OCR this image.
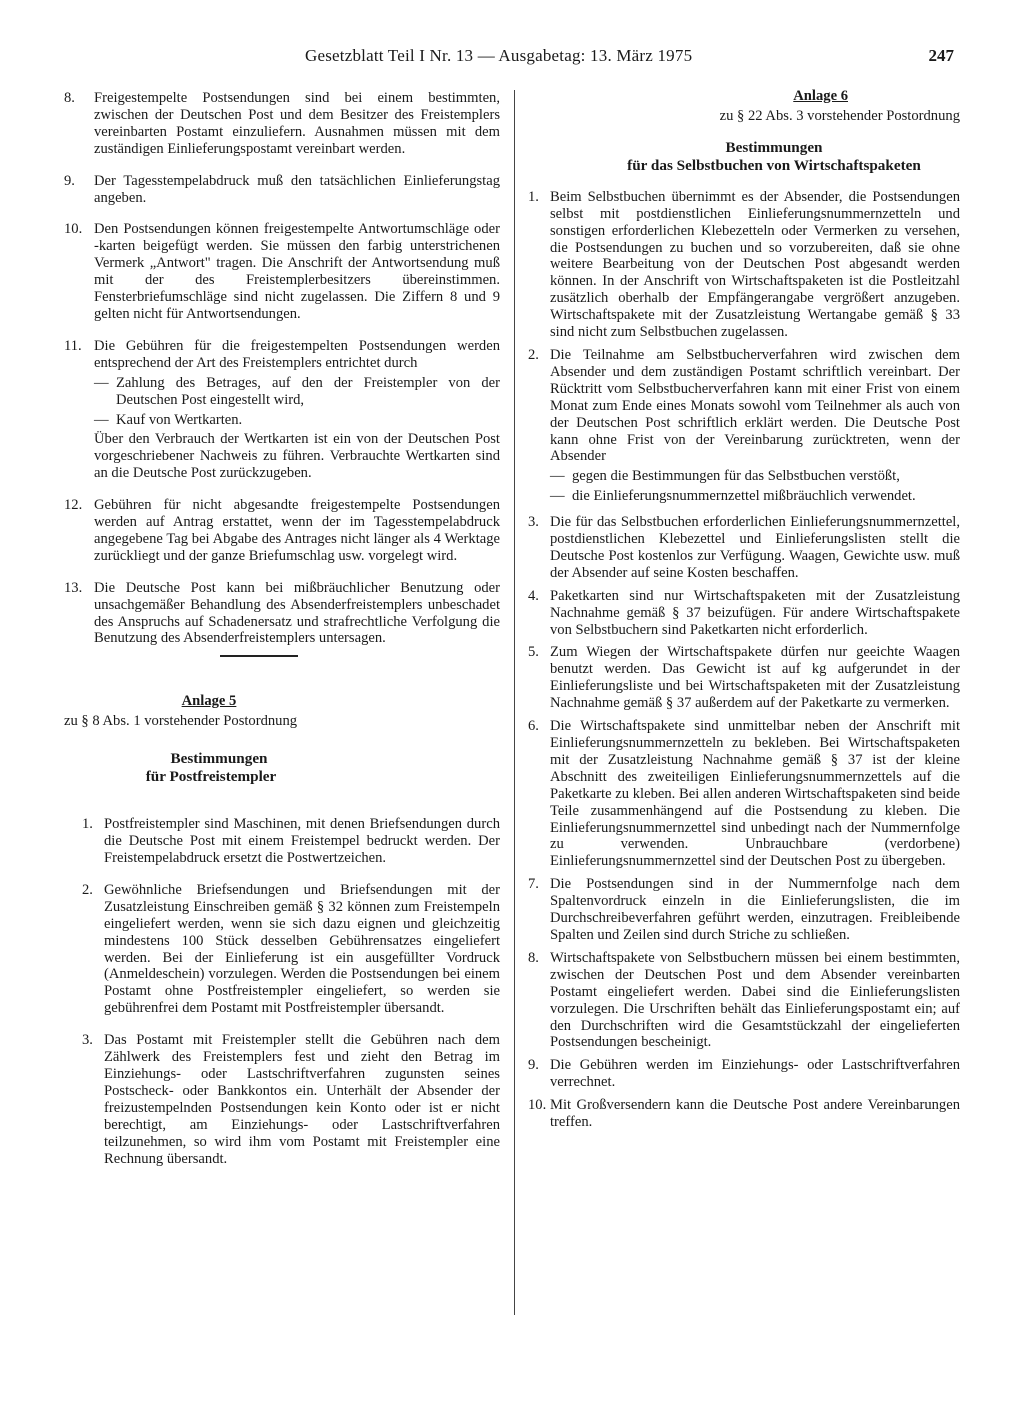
Gesetzblatt Teil I Nr. 13 — Ausgabetag: 13. März 1975	247
8.	Freigestempelte Postsendungen sind bei einem bestimmten, zwischen der Deutschen Post und dem Besitzer des Freistemplers vereinbarten Postamt einzuliefern. Ausnahmen müssen mit dem zuständigen Einlieferungspostamt vereinbart werden.

9.	Der Tagesstempelabdruck muß den tatsächlichen Einlieferungstag angeben.

10. Den Postsendungen können freigestempelte Antwortumschläge oder -karten beigefügt werden. Sie müssen den farbig unterstrichenen Vermerk „Antwort" tragen. Die Anschrift der Antwortsendung muß mit der des Freistemplerbesitzers übereinstimmen. Fensterbriefumschläge sind nicht zugelassen. Die Ziffern 8 und 9 gelten nicht für Antwortsendungen.

11. Die Gebühren für die freigestempelten Postsendungen werden entsprechend der Art des Freistemplers entrichtet durch

— Zahlung des Betrages, auf den der Freistempler von der Deutschen Post eingestellt wird,
— Kauf von Wertkarten.

Über den Verbrauch der Wertkarten ist ein von der Deutschen Post vorgeschriebener Nachweis zu führen. Verbrauchte Wertkarten sind an die Deutsche Post zurückzugeben.

12. Gebühren für nicht abgesandte freigestempelte Postsendungen werden auf Antrag erstattet, wenn der im Tagesstempelabdruck angegebene Tag bei Abgabe des Antrages nicht länger als 4 Werktage zurückliegt und der ganze Briefumschlag usw. vorgelegt wird.

13. Die Deutsche Post kann bei mißbräuchlicher Benutzung oder unsachgemäßer Behandlung des Absenderfreistemplers unbeschadet des Anspruchs auf Schadenersatz und strafrechtliche Verfolgung die Benutzung des Absenderfreistemplers untersagen.

Anlage 5
zu § 8 Abs. 1 vorstehender Postordnung
Bestimmungen
für Postfreistempler
1. Postfreistempler sind Maschinen, mit denen Briefsendungen durch die Deutsche Post mit einem Freistempel bedruckt werden. Der Freistempelabdruck ersetzt die Postwertzeichen.

2. Gewöhnliche Briefsendungen und Briefsendungen mit der Zusatzleistung Einschreiben gemäß § 32 können zum Freistempeln eingeliefert werden, wenn sie sich dazu eignen und gleichzeitig mindestens 100 Stück desselben Gebührensatzes eingeliefert werden. Bei der Einlieferung ist ein ausgefüllter Vordruck (Anmeldeschein) vorzulegen. Werden die Postsendungen bei einem Postamt ohne Postfreistempler eingeliefert, so werden sie gebührenfrei dem Postamt mit Postfreistempler übersandt.

3. Das Postamt mit Freistempler stellt die Gebühren nach dem Zählwerk des Freistemplers fest und zieht den Betrag im Einziehungs- oder Lastschriftverfahren zugunsten seines Postscheck- oder Bankkontos ein. Unterhält der Absender der freizustempelnden Postsendungen kein Konto oder ist er nicht berechtigt, am Einziehungs- oder Lastschriftverfahren teilzunehmen, so wird ihm vom Postamt mit Freistempler eine Rechnung übersandt.

Anlage 6
zu § 22 Abs. 3 vorstehender Postordnung
Bestimmungen
für das Selbstbuchen von Wirtschaftspaketen
1. Beim Selbstbuchen übernimmt es der Absender, die Postsendungen selbst mit postdienstlichen Einlieferungsnummernzetteln und sonstigen erforderlichen Klebezetteln oder Vermerken zu versehen, die Postsendungen zu buchen und so vorzubereiten, daß sie ohne weitere Bearbeitung von der Deutschen Post abgesandt werden können. In der Anschrift von Wirtschaftspaketen ist die Postleitzahl zusätzlich oberhalb der Empfängerangabe vergrößert anzugeben. Wirtschaftspakete mit der Zusatzleistung Wertangabe gemäß § 33 sind nicht zum Selbstbuchen zugelassen.

2. Die Teilnahme am Selbstbucherverfahren wird zwischen dem Absender und dem zuständigen Postamt schriftlich vereinbart. Der Rücktritt vom Selbstbucherverfahren kann mit einer Frist von einem Monat zum Ende eines Monats sowohl vom Teilnehmer als auch von der Deutschen Post schriftlich erklärt werden. Die Deutsche Post kann ohne Frist von der Vereinbarung zurücktreten, wenn der Absender

— gegen die Bestimmungen für das Selbstbuchen verstößt,
— die Einlieferungsnummernzettel mißbräuchlich verwendet.
3. Die für das Selbstbuchen erforderlichen Einlieferungsnummernzettel, postdienstlichen Klebezettel und Einlieferungslisten stellt die Deutsche Post kostenlos zur Verfügung. Waagen, Gewichte usw. muß der Absender auf seine Kosten beschaffen.

4. Paketkarten sind nur Wirtschaftspaketen mit der Zusatzleistung Nachnahme gemäß § 37 beizufügen. Für andere Wirtschaftspakete von Selbstbuchern sind Paketkarten nicht erforderlich.

5. Zum Wiegen der Wirtschaftspakete dürfen nur geeichte Waagen benutzt werden. Das Gewicht ist auf kg aufgerundet in der Einlieferungsliste und bei Wirtschaftspaketen mit der Zusatzleistung Nachnahme gemäß § 37 außerdem auf der Paketkarte zu vermerken.

6. Die Wirtschaftspakete sind unmittelbar neben der Anschrift mit Einlieferungsnummernzetteln zu bekleben. Bei Wirtschaftspaketen mit der Zusatzleistung Nachnahme gemäß § 37 ist der kleine Abschnitt des zweiteiligen Einlieferungsnummernzettels auf die Paketkarte zu kleben. Bei allen anderen Wirtschaftspaketen sind beide Teile zusammenhängend auf die Postsendung zu kleben. Die Einlieferungsnummernzettel sind unbedingt nach der Nummernfolge zu verwenden. Unbrauchbare (verdorbene) Einlieferungsnummernzettel sind der Deutschen Post zu übergeben.

7. Die Postsendungen sind in der Nummernfolge nach dem Spaltenvordruck einzeln in die Einlieferungslisten, die im Durchschreibeverfahren geführt werden, einzutragen. Freibleibende Spalten und Zeilen sind durch Striche zu schließen.

8. Wirtschaftspakete von Selbstbuchern müssen bei einem bestimmten, zwischen der Deutschen Post und dem Absender vereinbarten Postamt eingeliefert werden. Dabei sind die Einlieferungslisten vorzulegen. Die Urschriften behält das Einlieferungspostamt ein; auf den Durchschriften wird die Gesamtstückzahl der eingelieferten Postsendungen bescheinigt.

9. Die Gebühren werden im Einziehungs- oder Lastschriftverfahren verrechnet.

10. Mit Großversendern kann die Deutsche Post andere Vereinbarungen treffen.
